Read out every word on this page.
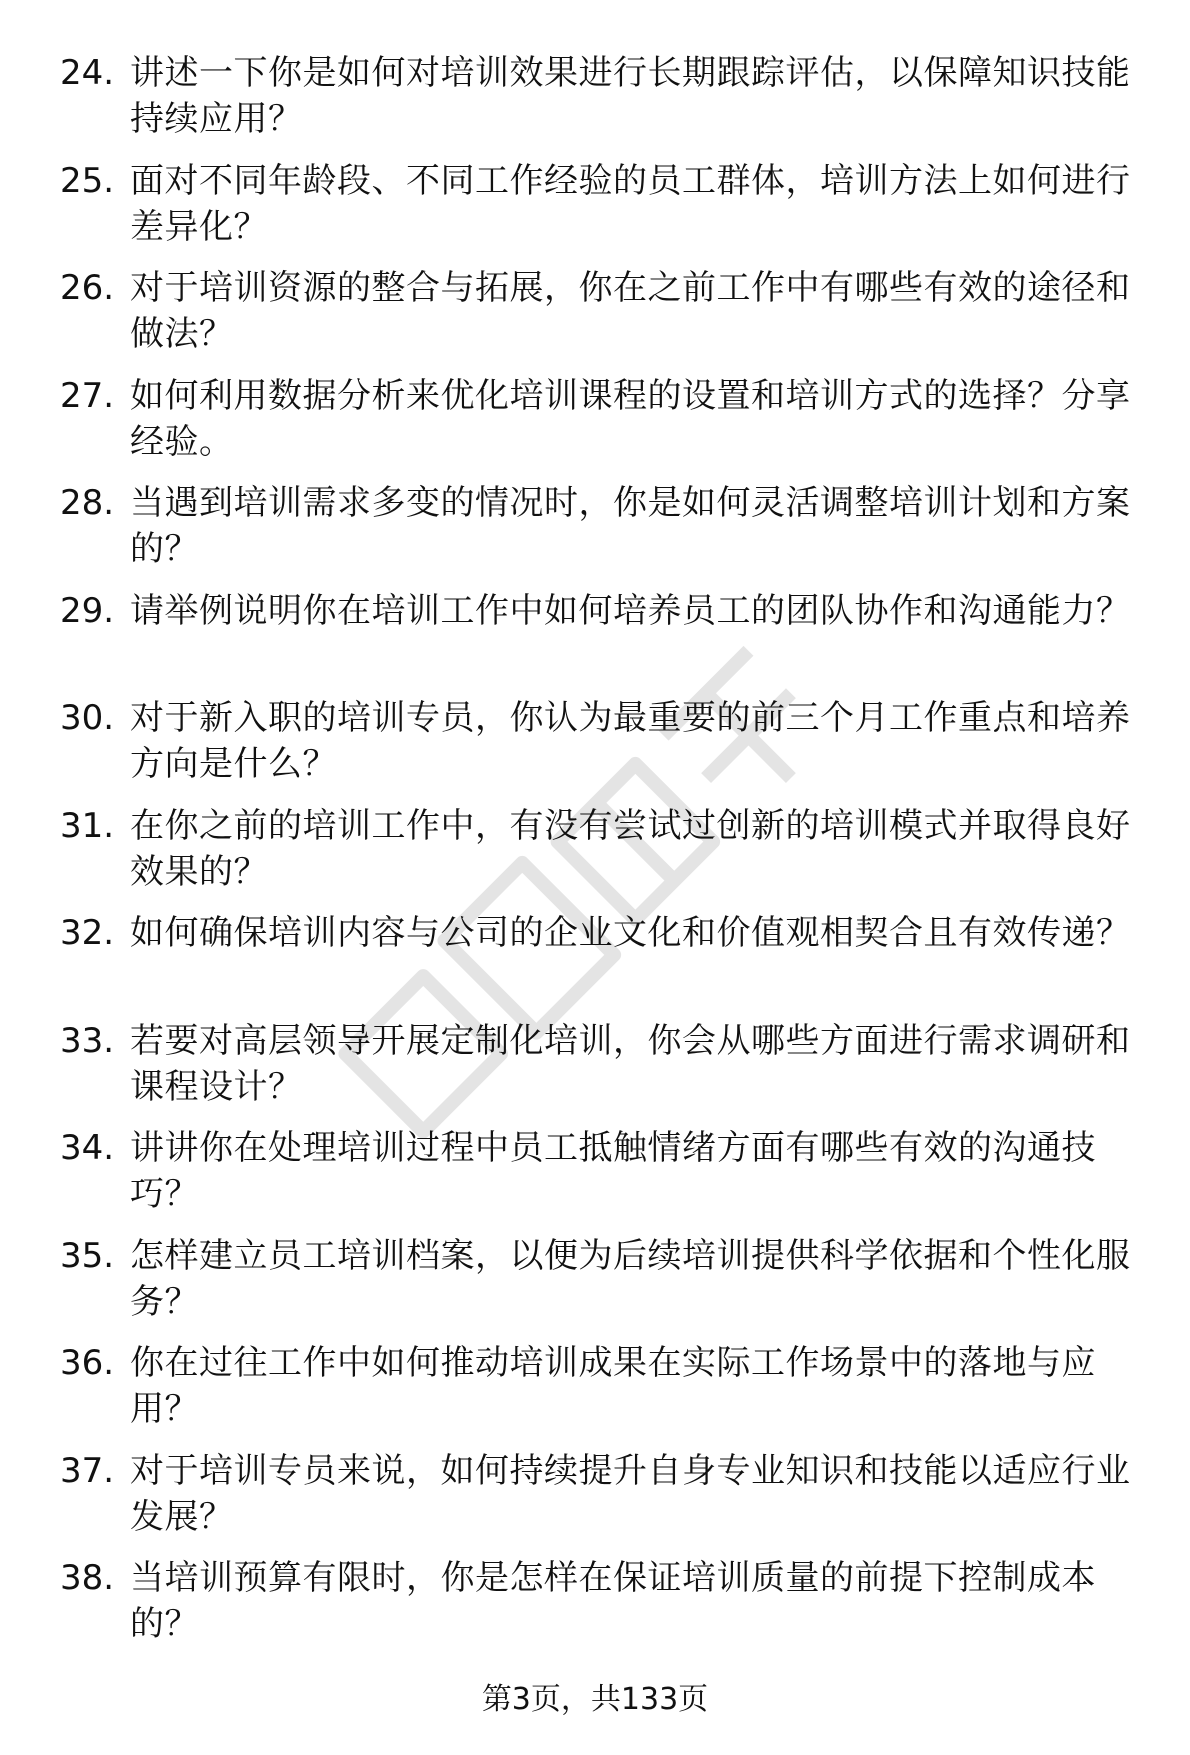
24. 讲述一下你是如何对培训效果进行长期跟踪评估，以保障知识技能持续应用？
25. 面对不同年龄段、不同工作经验的员工群体，培训方法上如何进行差异化？
26. 对于培训资源的整合与拓展，你在之前工作中有哪些有效的途径和做法？
27. 如何利用数据分析来优化培训课程的设置和培训方式的选择？分享经验。
28. 当遇到培训需求多变的情况时，你是如何灵活调整培训计划和方案的？
29. 请举例说明你在培训工作中如何培养员工的团队协作和沟通能力？
30. 对于新入职的培训专员，你认为最重要的前三个月工作重点和培养方向是什么？
31. 在你之前的培训工作中，有没有尝试过创新的培训模式并取得良好效果的？
32. 如何确保培训内容与公司的企业文化和价值观相契合且有效传递？
33. 若要对高层领导开展定制化培训，你会从哪些方面进行需求调研和课程设计？
34. 讲讲你在处理培训过程中员工抵触情绪方面有哪些有效的沟通技巧？
35. 怎样建立员工培训档案，以便为后续培训提供科学依据和个性化服务？
36. 你在过往工作中如何推动培训成果在实际工作场景中的落地与应用？
37. 对于培训专员来说，如何持续提升自身专业知识和技能以适应行业发展？
38. 当培训预算有限时，你是怎样在保证培训质量的前提下控制成本的？
第3页，共133页
